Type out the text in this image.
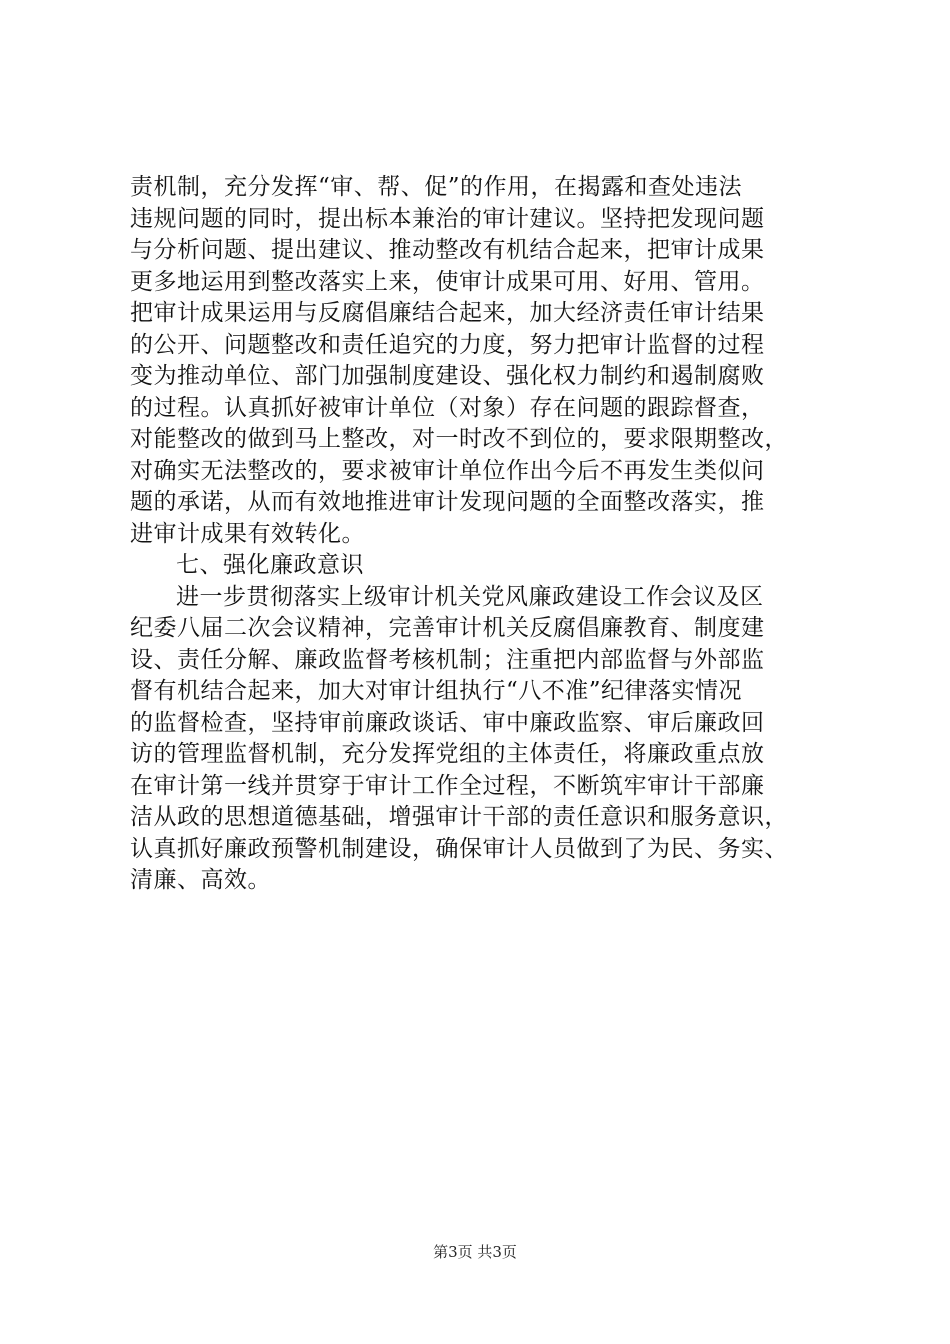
责机制，充分发挥“审、帮、促”的作用，在揭露和查处违法
违规问题的同时，提出标本兼治的审计建议。坚持把发现问题
与分析问题、提出建议、推动整改有机结合起来，把审计成果
更多地运用到整改落实上来，使审计成果可用、好用、管用。
把审计成果运用与反腐倡廉结合起来，加大经济责任审计结果
的公开、问题整改和责任追究的力度，努力把审计监督的过程
变为推动单位、部门加强制度建设、强化权力制约和遏制腐败
的过程。认真抓好被审计单位（对象）存在问题的跟踪督查，
对能整改的做到马上整改，对一时改不到位的，要求限期整改，
对确实无法整改的，要求被审计单位作出今后不再发生类似问
题的承诺，从而有效地推进审计发现问题的全面整改落实，推
进审计成果有效转化。
七、强化廉政意识
进一步贯彻落实上级审计机关党风廉政建设工作会议及区
纪委八届二次会议精神，完善审计机关反腐倡廉教育、制度建
设、责任分解、廉政监督考核机制；注重把内部监督与外部监
督有机结合起来，加大对审计组执行“八不准”纪律落实情况
的监督检查，坚持审前廉政谈话、审中廉政监察、审后廉政回
访的管理监督机制，充分发挥党组的主体责任，将廉政重点放
在审计第一线并贯穿于审计工作全过程，不断筑牢审计干部廉
洁从政的思想道德基础，增强审计干部的责任意识和服务意识，
认真抓好廉政预警机制建设，确保审计人员做到了为民、务实、
清廉、高效。
第3页 共3页
